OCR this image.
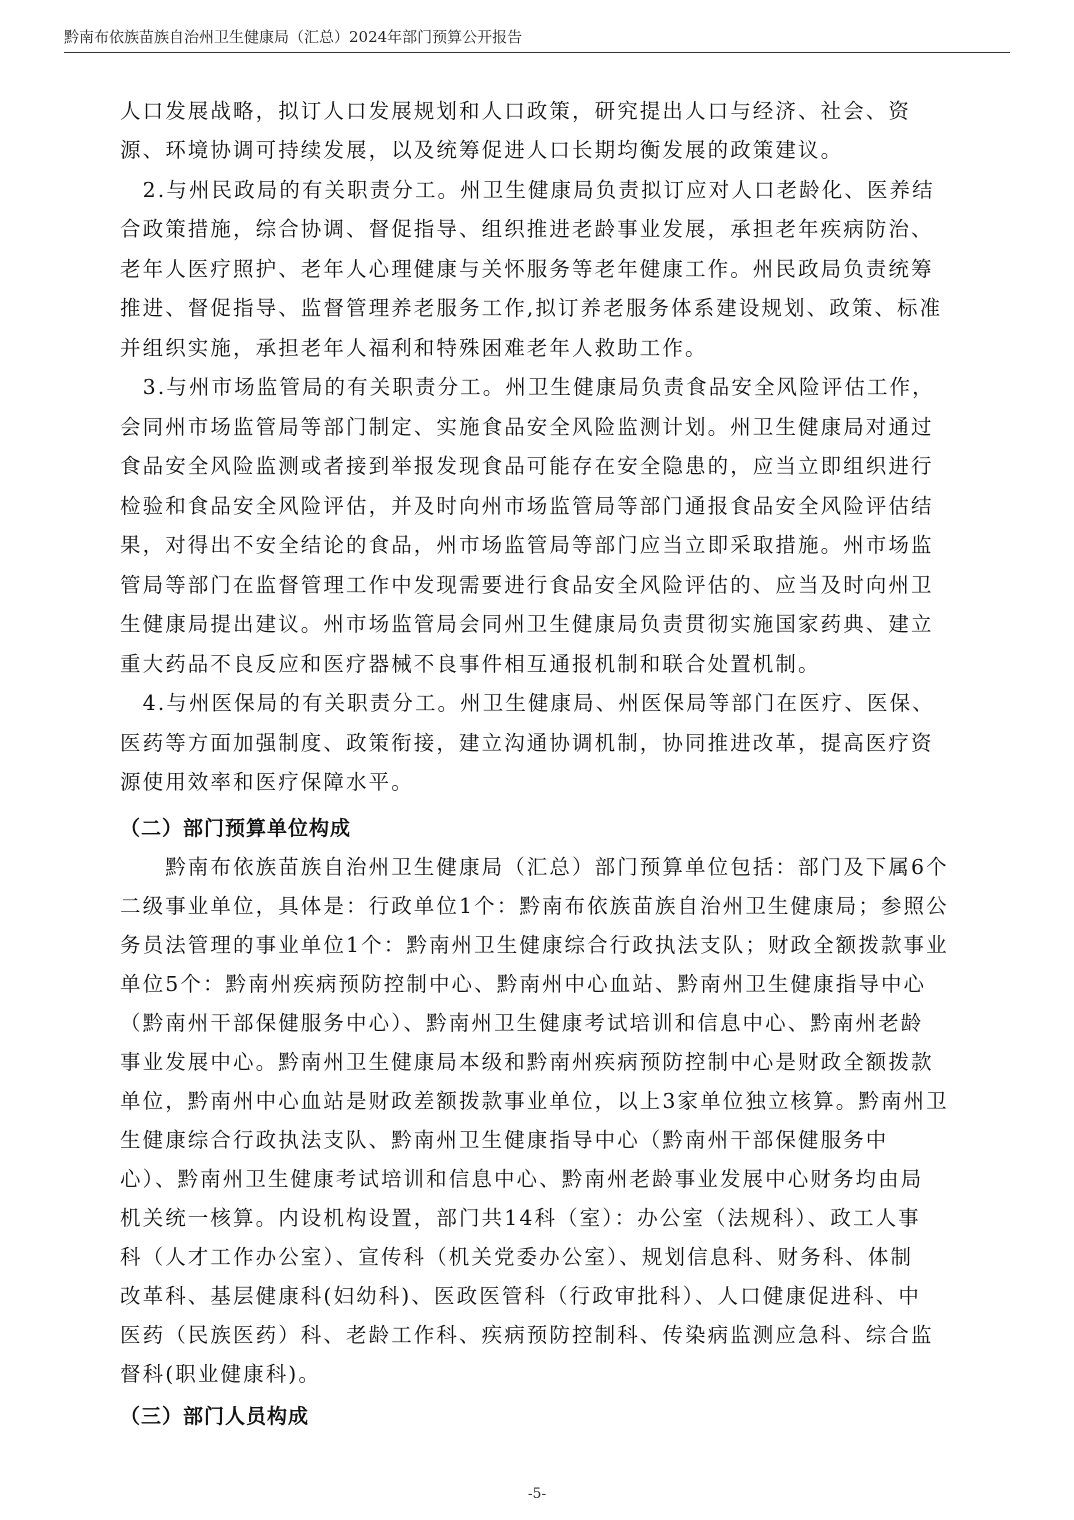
黔南布依族苗族自治州卫生健康局（汇总）2024年部门预算公开报告
人口发展战略，拟订人口发展规划和人口政策，研究提出人口与经济、社会、资
源、环境协调可持续发展，以及统筹促进人口长期均衡发展的政策建议。
　2.与州民政局的有关职责分工。州卫生健康局负责拟订应对人口老龄化、医养结
合政策措施，综合协调、督促指导、组织推进老龄事业发展，承担老年疾病防治、
老年人医疗照护、老年人心理健康与关怀服务等老年健康工作。州民政局负责统筹
推进、督促指导、监督管理养老服务工作,拟订养老服务体系建设规划、政策、标准
并组织实施，承担老年人福利和特殊困难老年人救助工作。
　3.与州市场监管局的有关职责分工。州卫生健康局负责食品安全风险评估工作，
会同州市场监管局等部门制定、实施食品安全风险监测计划。州卫生健康局对通过
食品安全风险监测或者接到举报发现食品可能存在安全隐患的，应当立即组织进行
检验和食品安全风险评估，并及时向州市场监管局等部门通报食品安全风险评估结
果，对得出不安全结论的食品，州市场监管局等部门应当立即采取措施。州市场监
管局等部门在监督管理工作中发现需要进行食品安全风险评估的、应当及时向州卫
生健康局提出建议。州市场监管局会同州卫生健康局负责贯彻实施国家药典、建立
重大药品不良反应和医疗器械不良事件相互通报机制和联合处置机制。
　4.与州医保局的有关职责分工。州卫生健康局、州医保局等部门在医疗、医保、
医药等方面加强制度、政策衔接，建立沟通协调机制，协同推进改革，提高医疗资
源使用效率和医疗保障水平。
（二）部门预算单位构成
　　黔南布依族苗族自治州卫生健康局（汇总）部门预算单位包括：部门及下属6个
二级事业单位，具体是：行政单位1个：黔南布依族苗族自治州卫生健康局；参照公
务员法管理的事业单位1个：黔南州卫生健康综合行政执法支队；财政全额拨款事业
单位5个：黔南州疾病预防控制中心、黔南州中心血站、黔南州卫生健康指导中心
（黔南州干部保健服务中心）、黔南州卫生健康考试培训和信息中心、黔南州老龄
事业发展中心。黔南州卫生健康局本级和黔南州疾病预防控制中心是财政全额拨款
单位，黔南州中心血站是财政差额拨款事业单位，以上3家单位独立核算。黔南州卫
生健康综合行政执法支队、黔南州卫生健康指导中心（黔南州干部保健服务中
心）、黔南州卫生健康考试培训和信息中心、黔南州老龄事业发展中心财务均由局
机关统一核算。内设机构设置，部门共14科（室）：办公室（法规科）、政工人事
科（人才工作办公室）、宣传科（机关党委办公室）、规划信息科、财务科、体制
改革科、基层健康科(妇幼科)、医政医管科（行政审批科）、人口健康促进科、中
医药（民族医药）科、老龄工作科、疾病预防控制科、传染病监测应急科、综合监
督科(职业健康科)。
（三）部门人员构成
-5-
